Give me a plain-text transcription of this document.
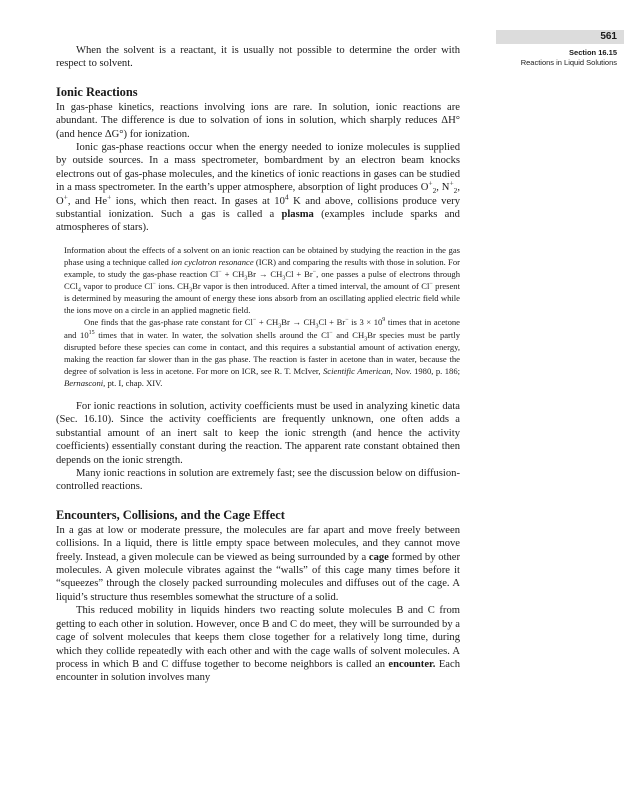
561
Section 16.15
Reactions in Liquid Solutions

When the solvent is a reactant, it is usually not possible to determine the order with respect to solvent.

Ionic Reactions

In gas-phase kinetics, reactions involving ions are rare. In solution, ionic reactions are abundant. The difference is due to solvation of ions in solution, which sharply reduces ΔH° (and hence ΔG°) for ionization.

Ionic gas-phase reactions occur when the energy needed to ionize molecules is supplied by outside sources. In a mass spectrometer, bombardment by an electron beam knocks electrons out of gas-phase molecules, and the kinetics of ionic reactions in gases can be studied in a mass spectrometer. In the earth’s upper atmosphere, absorption of light produces $O^+_2$, $N^+_2$, O+, and He+ ions, which then react. In gases at $10^4$ K and above, collisions produce very substantial ionization. Such a gas is called a plasma (examples include sparks and atmospheres of stars).

Information about the effects of a solvent on an ionic reaction can be obtained by studying the reaction in the gas phase using a technique called ion cyclotron resonance (ICR) and comparing the results with those in solution. For example, to study the gas-phase reaction $Cl^- + CH_3Br \to CH_3Cl + Br^-$, one passes a pulse of electrons through CCl$_4$ vapor to produce Cl− ions. $CH_3Br$ vapor is then introduced. After a timed interval, the amount of Cl− present is determined by measuring the amount of energy these ions absorb from an oscillating applied electric field while the ions move on a circle in an applied magnetic field.

One finds that the gas-phase rate constant for $Cl^- + CH_3Br \to CH_3Cl + Br^-$ is $3 \times 10^9$ times that in acetone and $10^{15}$ times that in water. In water, the solvation shells around the Cl− and $CH_3Br$ species must be partly disrupted before these species can come in contact, and this requires a substantial amount of activation energy, making the reaction far slower than in the gas phase. The reaction is faster in acetone than in water, because the degree of solvation is less in acetone. For more on ICR, see R. T. McIver, Scientific American, Nov. 1980, p. 186; Bernasconi, pt. I, chap. XIV.

For ionic reactions in solution, activity coefficients must be used in analyzing kinetic data (Sec. 16.10). Since the activity coefficients are frequently unknown, one often adds a substantial amount of an inert salt to keep the ionic strength (and hence the activity coefficients) essentially constant during the reaction. The apparent rate constant obtained then depends on the ionic strength.

Many ionic reactions in solution are extremely fast; see the discussion below on diffusion-controlled reactions.

Encounters, Collisions, and the Cage Effect

In a gas at low or moderate pressure, the molecules are far apart and move freely between collisions. In a liquid, there is little empty space between molecules, and they cannot move freely. Instead, a given molecule can be viewed as being surrounded by a cage formed by other molecules. A given molecule vibrates against the “walls” of this cage many times before it “squeezes” through the closely packed surrounding molecules and diffuses out of the cage. A liquid’s structure thus resembles somewhat the structure of a solid.

This reduced mobility in liquids hinders two reacting solute molecules B and C from getting to each other in solution. However, once B and C do meet, they will be surrounded by a cage of solvent molecules that keeps them close together for a relatively long time, during which they collide repeatedly with each other and with the cage walls of solvent molecules. A process in which B and C diffuse together to become neighbors is called an encounter. Each encounter in solution involves many
